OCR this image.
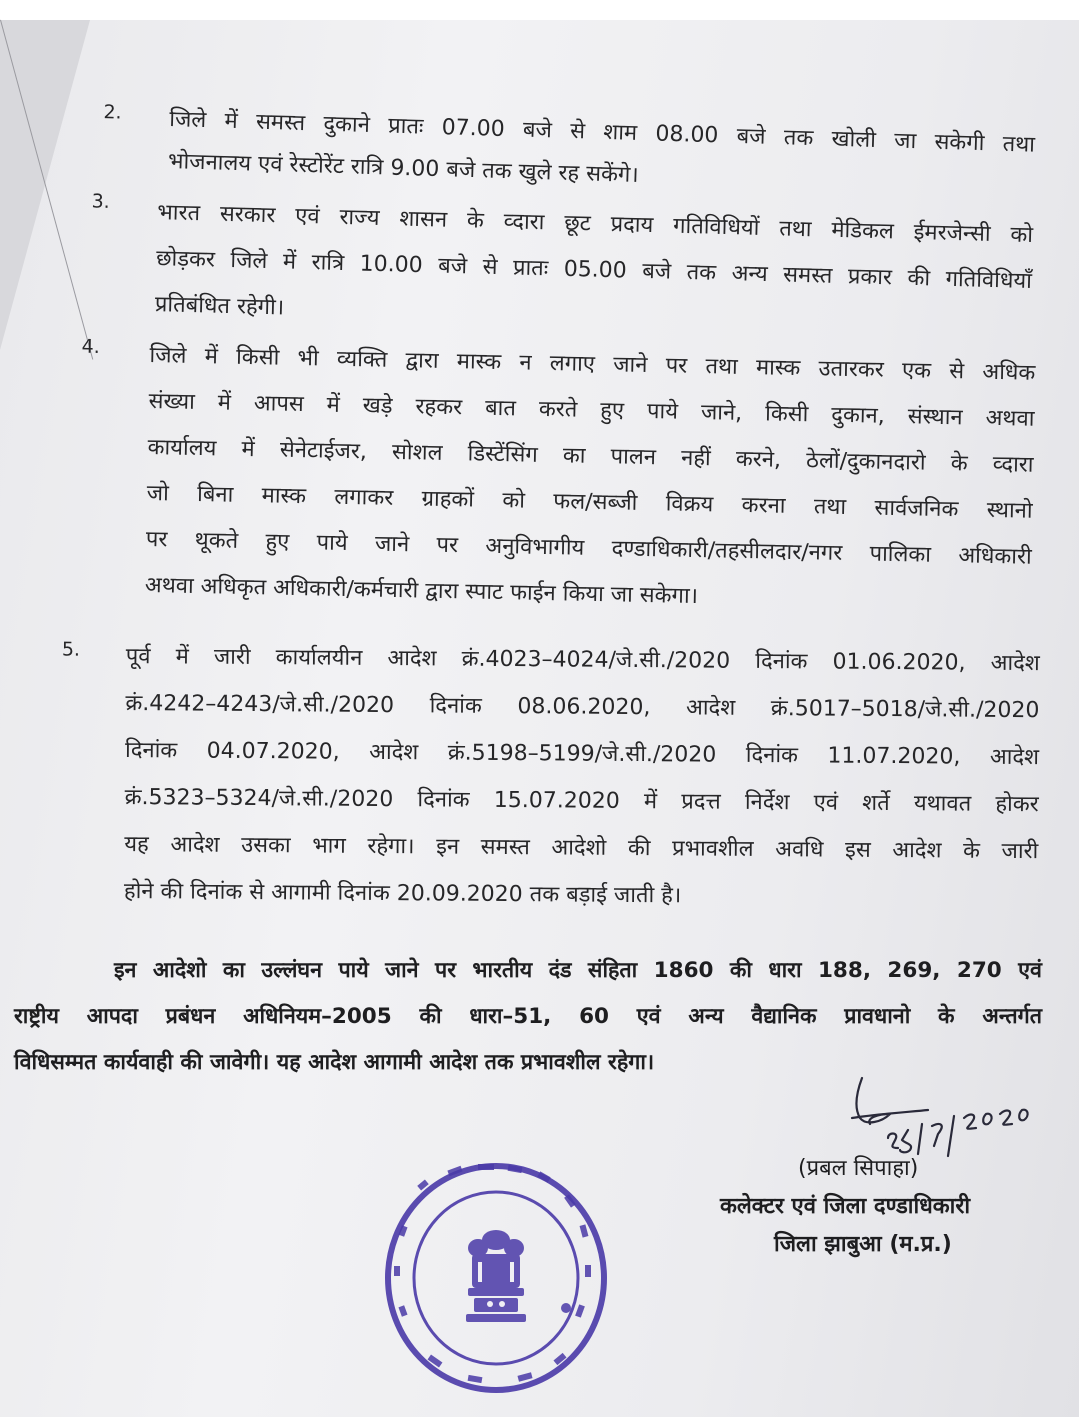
2. जिले में समस्त दुकाने प्रातः 07.00 बजे से शाम 08.00 बजे तक खोली जा सकेगी तथा
भोजनालय एवं रेस्टोरेंट रात्रि 9.00 बजे तक खुले रह सकेंगे।
3. भारत सरकार एवं राज्य शासन के व्दारा छूट प्रदाय गतिविधियों तथा मेडिकल ईमरजेन्सी को
छोड़कर जिले में रात्रि 10.00 बजे से प्रातः 05.00 बजे तक अन्य समस्त प्रकार की गतिविधियॉं
प्रतिबंधित रहेगी।
4. जिले में किसी भी व्यक्ति द्वारा मास्क न लगाए जाने पर तथा मास्क उतारकर एक से अधिक
संख्या में आपस में खड़े रहकर बात करते हुए पाये जाने, किसी दुकान, संस्थान अथवा
कार्यालय में सेनेटाईजर, सोशल डिस्टेंसिंग का पालन नहीं करने, ठेलों/दुकानदारो के व्दारा
जो बिना मास्क लगाकर ग्राहकों को फल/सब्जी विक्रय करना तथा सार्वजनिक स्थानो
पर थूकते हुए पाये जाने पर अनुविभागीय दण्डाधिकारी/तहसीलदार/नगर पालिका अधिकारी
अथवा अधिकृत अधिकारी/कर्मचारी द्वारा स्पाट फाईन किया जा सकेगा।
5. पूर्व में जारी कार्यालयीन आदेश क्रं.4023–4024/जे.सी./2020 दिनांक 01.06.2020, आदेश
क्रं.4242–4243/जे.सी./2020 दिनांक 08.06.2020, आदेश क्रं.5017–5018/जे.सी./2020
दिनांक 04.07.2020, आदेश क्रं.5198–5199/जे.सी./2020 दिनांक 11.07.2020, आदेश
क्रं.5323–5324/जे.सी./2020 दिनांक 15.07.2020 में प्रदत्त निर्देश एवं शर्ते यथावत होकर
यह आदेश उसका भाग रहेगा। इन समस्त आदेशो की प्रभावशील अवधि इस आदेश के जारी
होने की दिनांक से आगामी दिनांक 20.09.2020 तक बड़ाई जाती है।
इन आदेशो का उल्लंघन पाये जाने पर भारतीय दंड संहिता 1860 की धारा 188, 269, 270 एवं
राष्ट्रीय आपदा प्रबंधन अधिनियम–2005 की धारा–51, 60 एवं अन्य वैद्यानिक प्रावधानो के अन्तर्गत
विधिसम्मत कार्यवाही की जावेगी। यह आदेश आगामी आदेश तक प्रभावशील रहेगा।
(प्रबल सिपाहा)
कलेक्टर एवं जिला दण्डाधिकारी
जिला झाबुआ (म.प्र.)
